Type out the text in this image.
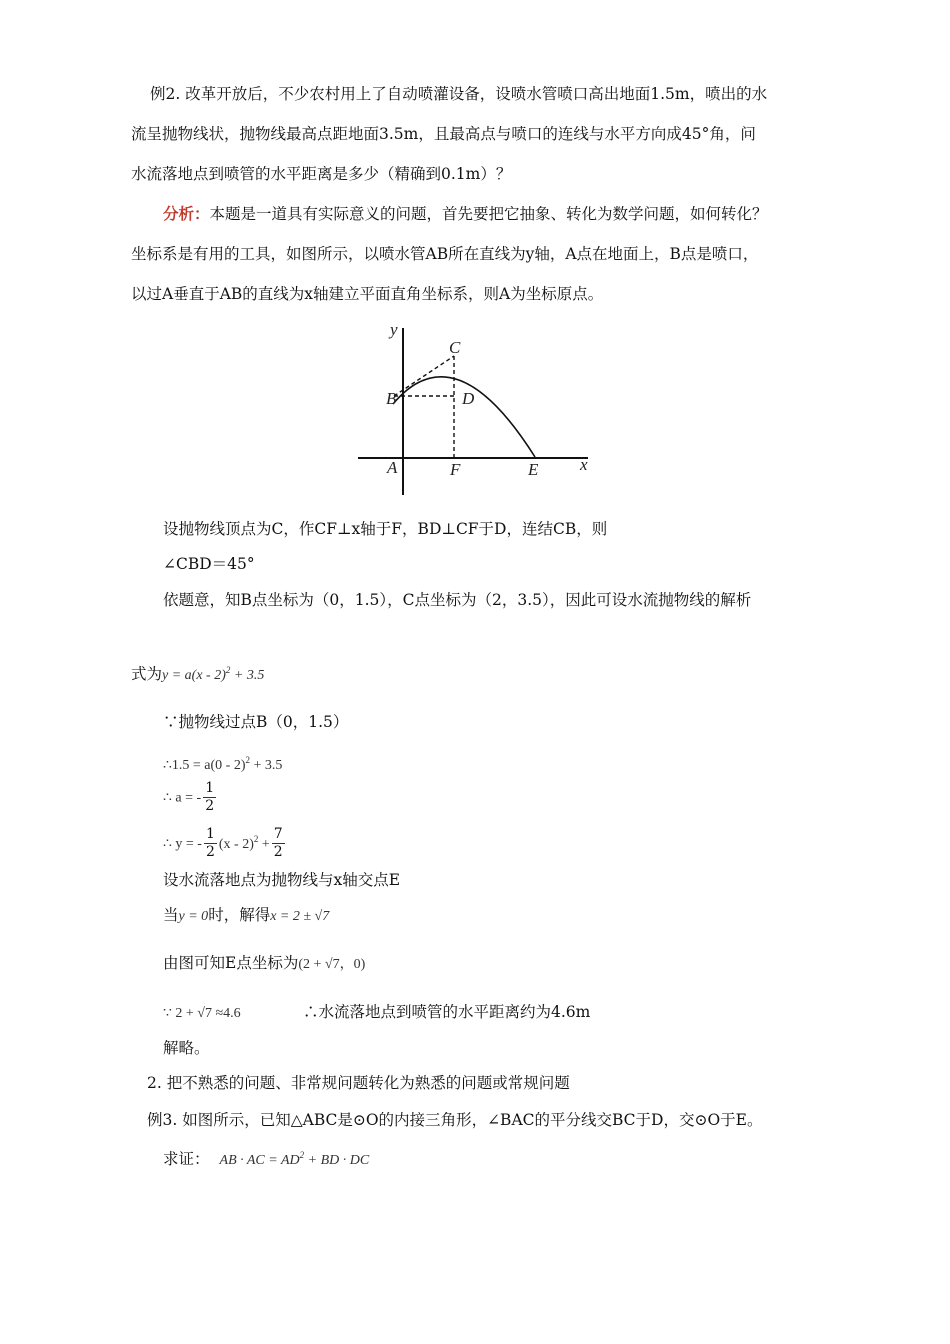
例2. 改革开放后，不少农村用上了自动喷灌设备，设喷水管喷口高出地面1.5m，喷出的水
流呈抛物线状，抛物线最高点距地面3.5m，且最高点与喷口的连线与水平方向成45°角，问
水流落地点到喷管的水平距离是多少（精确到0.1m）？
分析：本题是一道具有实际意义的问题，首先要把它抽象、转化为数学问题，如何转化？
坐标系是有用的工具，如图所示，以喷水管AB所在直线为y轴，A点在地面上，B点是喷口，
以过A垂直于AB的直线为x轴建立平面直角坐标系，则A为坐标原点。
y
C
B	D
A	F	E x
设抛物线顶点为C，作CF⊥x轴于F，BD⊥CF于D，连结CB，则
∠CBD＝45°
依题意，知B点坐标为（0，1.5），C点坐标为（2，3.5），因此可设水流抛物线的解析
式为y = a(x - 2)$^2$ + 3.5
∵抛物线过点B（0，1.5）
∴1.5 = a(0 - 2)$^2$ + 3.5
∴ a = - $\frac{1}{2}$
∴ y = - $\frac{1}{2} (x - 2)^2 + \frac{7}{2}$
设水流落地点为抛物线与x轴交点E
当y = 0时，解得x = 2 ± √7
由图可知E点坐标为(2 + √7，0)
∵ 2 + √7 ≈4.6	∴水流落地点到喷管的水平距离约为4.6m
解略。
2. 把不熟悉的问题、非常规问题转化为熟悉的问题或常规问题
例3. 如图所示，已知△ABC是⊙O的内接三角形，∠BAC的平分线交BC于D，交⊙O于E。
求证： AB · AC = $AD^2$ + BD · DC
